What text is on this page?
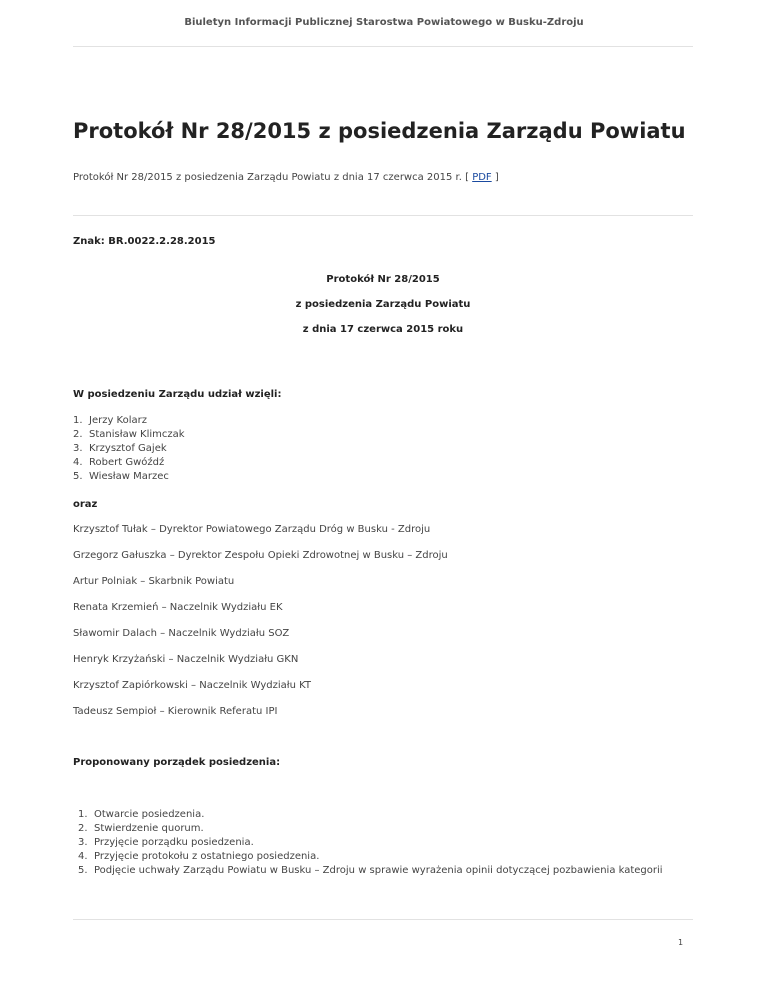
Biuletyn Informacji Publicznej Starostwa Powiatowego w Busku-Zdroju
Protokół Nr 28/2015 z posiedzenia Zarządu Powiatu
Protokół Nr 28/2015 z posiedzenia Zarządu Powiatu z dnia 17 czerwca 2015 r. [ PDF ]
Znak: BR.0022.2.28.2015
Protokół Nr 28/2015
z posiedzenia Zarządu Powiatu
z dnia 17 czerwca 2015 roku
W posiedzeniu Zarządu udział wzięli:
1. Jerzy Kolarz
2. Stanisław Klimczak
3. Krzysztof Gajek
4. Robert Gwóźdź
5. Wiesław Marzec
oraz
Krzysztof Tułak – Dyrektor Powiatowego Zarządu Dróg w Busku - Zdroju
Grzegorz Gałuszka – Dyrektor Zespołu Opieki Zdrowotnej w Busku – Zdroju
Artur Polniak – Skarbnik Powiatu
Renata Krzemień – Naczelnik Wydziału EK
Sławomir Dalach – Naczelnik Wydziału SOZ
Henryk Krzyżański – Naczelnik Wydziału GKN
Krzysztof Zapiórkowski – Naczelnik Wydziału KT
Tadeusz Sempioł – Kierownik Referatu IPI
Proponowany porządek posiedzenia:
1. Otwarcie posiedzenia.
2. Stwierdzenie quorum.
3. Przyjęcie porządku posiedzenia.
4. Przyjęcie protokołu z ostatniego posiedzenia.
5. Podjęcie uchwały Zarządu Powiatu w Busku – Zdroju w sprawie wyrażenia opinii dotyczącej pozbawienia kategorii
1
